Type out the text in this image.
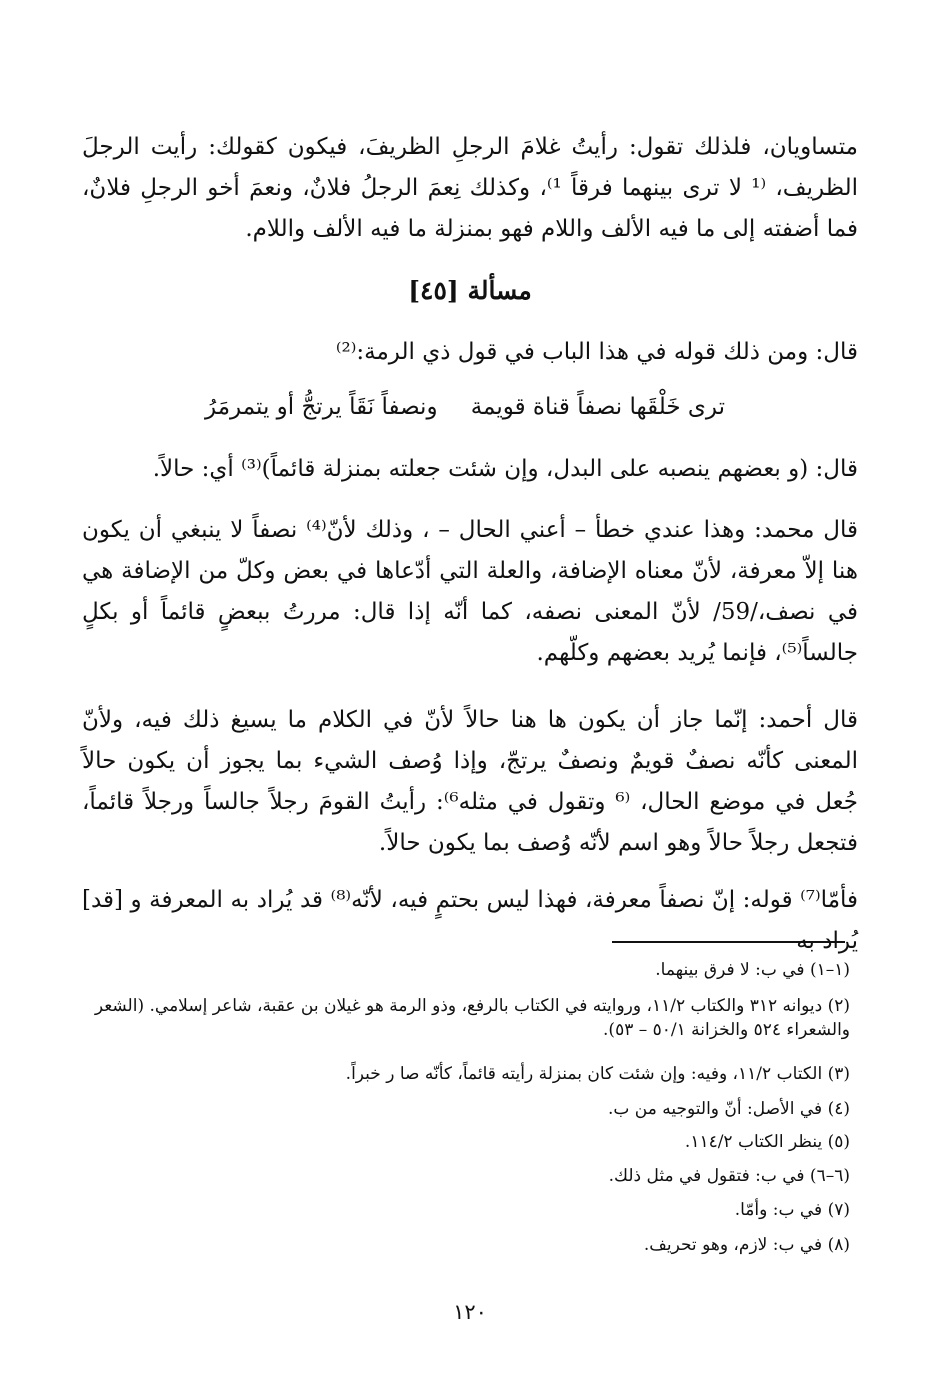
متساويان، فلذلك تقول: رأيتُ غلامَ الرجلِ الظريفَ، فيكون كقولك: رأيت الرجلَ الظريف، ⁽¹ لا ترى بينهما فرقاً ¹⁾، وكذلك نِعمَ الرجلُ فلانٌ، ونعمَ أخو الرجلِ فلانٌ، فما أضفته إلى ما فيه الألف واللام فهو بمنزلة ما فيه الألف واللام.

مسألة [٤٥]

قال: ومن ذلك قوله في هذا الباب في قول ذي الرمة:⁽²⁾

ترى خَلْقَها نصفاً قناة قويمة
ونصفاً نَقَاً يرتجُّ أو يتمرمَرُ

قال: (و بعضهم ينصبه على البدل، وإن شئت جعلته بمنزلة قائماً)⁽³⁾ أي: حالاً.

قال محمد: وهذا عندي خطأ – أعني الحال – ، وذلك لأنّ⁽⁴⁾ نصفاً لا ينبغي أن يكون هنا إلاّ معرفة، لأنّ معناه الإضافة، والعلة التي أدّعاها في بعض وكلّ من الإضافة هي في نصف،/59/ لأنّ المعنى نصفه، كما أنّه إذا قال: مررتُ ببعضٍ قائماً أو بكلٍ جالساً⁽⁵⁾، فإنما يُريد بعضهم وكلّهم.

قال أحمد: إنّما جاز أن يكون ها هنا حالاً لأنّ في الكلام ما يسيغ ذلك فيه، ولأنّ المعنى كأنّه نصفٌ قويمٌ ونصفٌ يرتجّ، وإذا وُصف الشيء بما يجوز أن يكون حالاً جُعل في موضع الحال، ⁽⁶ وتقول في مثله⁶⁾: رأيتُ القومَ رجلاً جالساً ورجلاً قائماً، فتجعل رجلاً حالاً وهو اسم لأنّه وُصف بما يكون حالاً.

فأمّا⁽⁷⁾ قوله: إنّ نصفاً معرفة، فهذا ليس بحتمٍ فيه، لأنّه⁽⁸⁾ قد يُراد به المعرفة و [قد] يُراد به

(١–١) في ب: لا فرق بينهما.

(٢) ديوانه ٣١٢ والكتاب ١١/٢، وروايته في الكتاب بالرفع، وذو الرمة هو غيلان بن عقبة، شاعر إسلامي. (الشعر والشعراء ٥٢٤ والخزانة ٥٠/١ – ٥٣).

(٣) الكتاب ١١/٢، وفيه: وإن شئت كان بمنزلة رأيته قائماً، كأنّه صا ر خبراً.

(٤) في الأصل: أنّ والتوجيه من ب.

(٥) ينظر الكتاب ١١٤/٢.

(٦–٦) في ب: فتقول في مثل ذلك.

(٧) في ب: وأمّا.

(٨) في ب: لازم، وهو تحريف.

١٢٠
